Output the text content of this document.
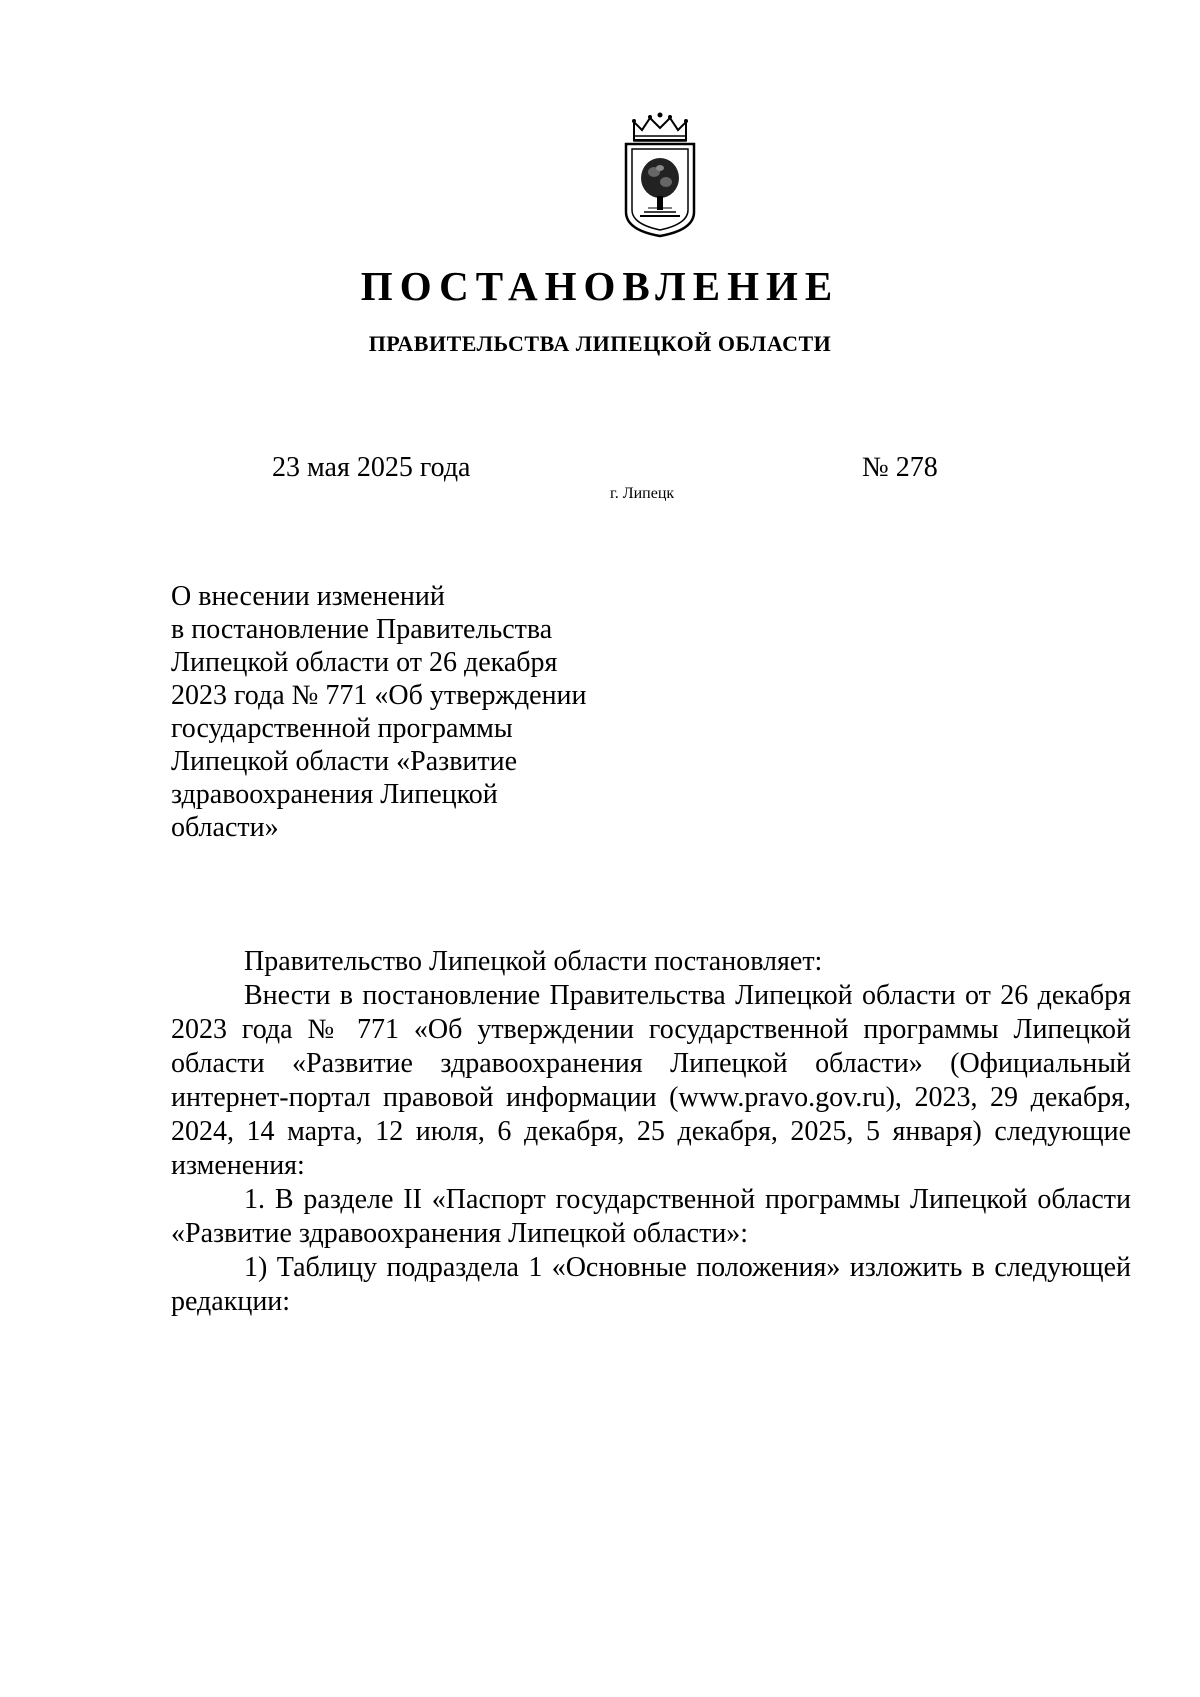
ПОСТАНОВЛЕНИЕ
ПРАВИТЕЛЬСТВА ЛИПЕЦКОЙ ОБЛАСТИ
23 мая 2025 года
г. Липецк
№ 278
О внесении изменений
в постановление Правительства
Липецкой области от 26 декабря
2023 года № 771 «Об утверждении
государственной программы
Липецкой области «Развитие
здравоохранения Липецкой
области»

Правительство Липецкой области постановляет:

Внести в постановление Правительства Липецкой области от 26 декабря 2023 года № 771 «Об утверждении государственной программы Липецкой области «Развитие здравоохранения Липецкой области» (Официальный интернет-портал правовой информации (www.pravo.gov.ru), 2023, 29 декабря, 2024, 14 марта, 12 июля, 6 декабря, 25 декабря, 2025, 5 января) следующие изменения:

1. В разделе II «Паспорт государственной программы Липецкой области «Развитие здравоохранения Липецкой области»:

1) Таблицу подраздела 1 «Основные положения» изложить в следующей редакции:
